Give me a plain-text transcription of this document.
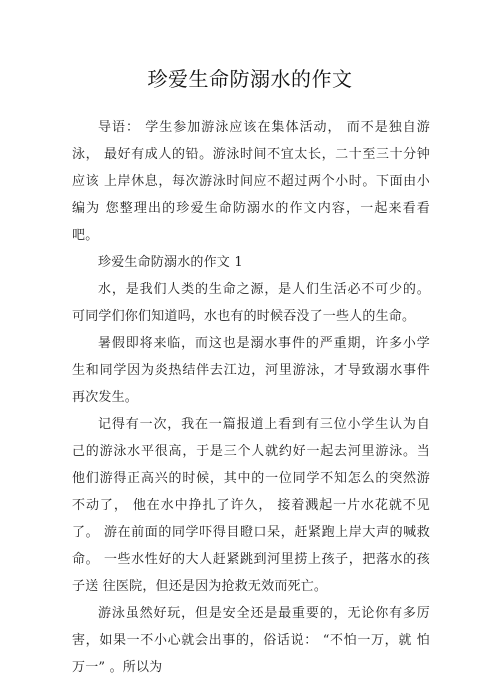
珍爱生命防溺水的作文

导语： 学生参加游泳应该在集体活动， 而不是独自游泳， 最好有成人的铅。游泳时间不宜太长，二十至三十分钟应该 上岸休息，每次游泳时间应不超过两个小时。下面由小编为 您整理出的珍爱生命防溺水的作文内容，一起来看看吧。

珍爱生命防溺水的作文 1

水，是我们人类的生命之源，是人们生活必不可少的。 可同学们你们知道吗，水也有的时候吞没了一些人的生命。

暑假即将来临，而这也是溺水事件的严重期，许多小学 生和同学因为炎热结伴去江边，河里游泳，才导致溺水事件 再次发生。

记得有一次，我在一篇报道上看到有三位小学生认为自 己的游泳水平很高，于是三个人就约好一起去河里游泳。当 他们游得正高兴的时候，其中的一位同学不知怎么的突然游 不动了， 他在水中挣扎了许久， 接着溅起一片水花就不见了。 游在前面的同学吓得目瞪口呆，赶紧跑上岸大声的喊救命。 一些水性好的大人赶紧跳到河里捞上孩子，把落水的孩子送 往医院，但还是因为抢救无效而死亡。

游泳虽然好玩，但是安全还是最重要的，无论你有多厉 害，如果一不小心就会出事的，俗话说： “不怕一万，就 怕万一” 。所以为
